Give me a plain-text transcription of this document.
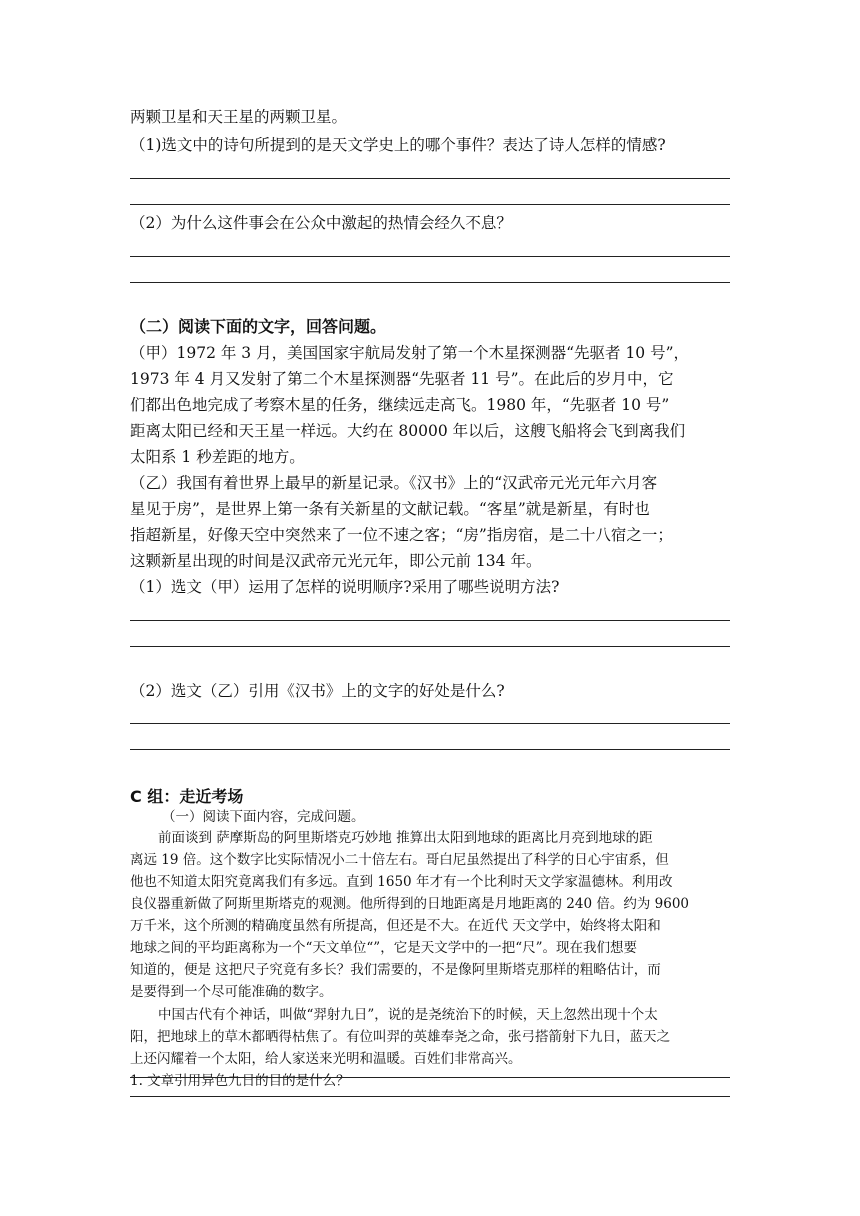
两颗卫星和天王星的两颗卫星。
（1)选文中的诗句所提到的是天文学史上的哪个事件？表达了诗人怎样的情感?
（2）为什么这件事会在公众中激起的热情会经久不息？
（二）阅读下面的文字，回答问题。
（甲）1972 年 3 月，美国国家宇航局发射了第一个木星探测器“先驱者 10 号”，
1973 年 4 月又发射了第二个木星探测器“先驱者 11 号”。在此后的岁月中，它
们都出色地完成了考察木星的任务，继续远走高飞。1980 年，“先驱者 10 号”
距离太阳已经和天王星一样远。大约在 80000 年以后，这艘飞船将会飞到离我们
太阳系 1 秒差距的地方。
（乙）我国有着世界上最早的新星记录。《汉书》上的“汉武帝元光元年六月客
星见于房”，是世界上第一条有关新星的文献记载。“客星”就是新星，有时也
指超新星，好像天空中突然来了一位不速之客；“房”指房宿，是二十八宿之一；
这颗新星出现的时间是汉武帝元光元年，即公元前 134 年。
（1）选文（甲）运用了怎样的说明顺序?采用了哪些说明方法?
（2）选文（乙）引用《汉书》上的文字的好处是什么?
C 组：走近考场
（一）阅读下面内容，完成问题。
前面谈到 萨摩斯岛的阿里斯塔克巧妙地 推算出太阳到地球的距离比月亮到地球的距
离远 19 倍。这个数字比实际情况小二十倍左右。哥白尼虽然提出了科学的日心宇宙系，但
他也不知道太阳究竟离我们有多远。直到 1650 年才有一个比利时天文学家温德林。利用改
良仪器重新做了阿斯里斯塔克的观测。他所得到的日地距离是月地距离的 240 倍。约为 9600
万千米，这个所测的精确度虽然有所提高，但还是不大。在近代 天文学中，始终将太阳和
地球之间的平均距离称为一个“天文单位“”，它是天文学中的一把“尺”。现在我们想要
知道的，便是 这把尺子究竟有多长？我们需要的，不是像阿里斯塔克那样的粗略估计，而
是要得到一个尽可能准确的数字。
中国古代有个神话，叫做“羿射九日”，说的是尧统治下的时候，天上忽然出现十个太
阳，把地球上的草木都晒得枯焦了。有位叫羿的英雄奉尧之命，张弓搭箭射下九日，蓝天之
上还闪耀着一个太阳，给人家送来光明和温暖。百姓们非常高兴。
1. 文章引用异色九日的目的是什么？
